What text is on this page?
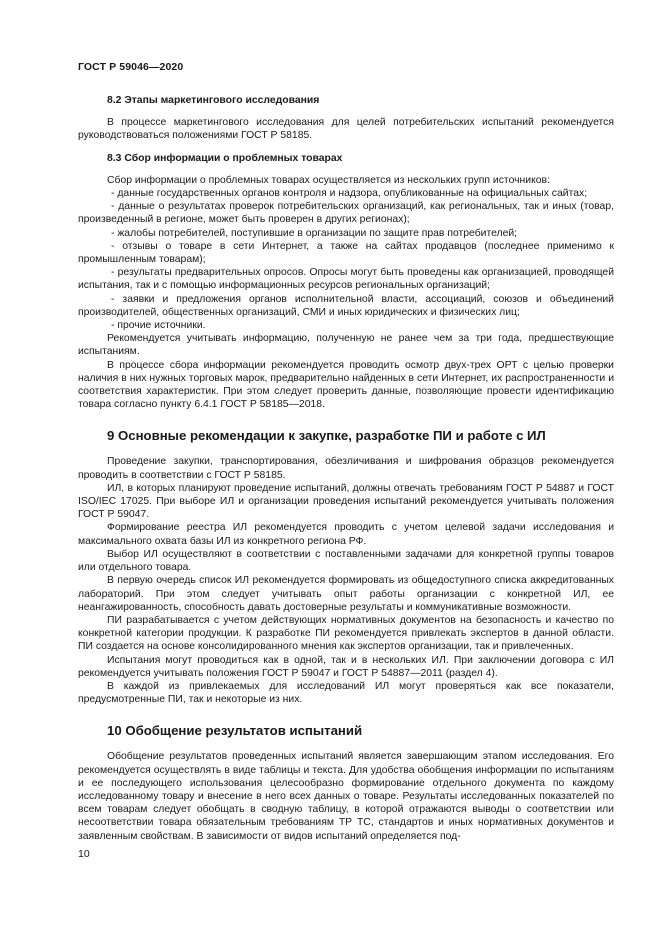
ГОСТ Р 59046—2020
8.2 Этапы маркетингового исследования
В процессе маркетингового исследования для целей потребительских испытаний рекомендуется руководствоваться положениями ГОСТ Р 58185.
8.3 Сбор информации о проблемных товарах
Сбор информации о проблемных товарах осуществляется из нескольких групп источников:
- данные государственных органов контроля и надзора, опубликованные на официальных сайтах;
- данные о результатах проверок потребительских организаций, как региональных, так и иных (товар, произведенный в регионе, может быть проверен в других регионах);
- жалобы потребителей, поступившие в организации по защите прав потребителей;
- отзывы о товаре в сети Интернет, а также на сайтах продавцов (последнее применимо к промышленным товарам);
- результаты предварительных опросов. Опросы могут быть проведены как организацией, проводящей испытания, так и с помощью информационных ресурсов региональных организаций;
- заявки и предложения органов исполнительной власти, ассоциаций, союзов и объединений производителей, общественных организаций, СМИ и иных юридических и физических лиц;
- прочие источники.
Рекомендуется учитывать информацию, полученную не ранее чем за три года, предшествующие испытаниям.
В процессе сбора информации рекомендуется проводить осмотр двух-трех ОРТ с целью проверки наличия в них нужных торговых марок, предварительно найденных в сети Интернет, их распространенности и соответствия характеристик. При этом следует проверить данные, позволяющие провести идентификацию товара согласно пункту 6.4.1 ГОСТ Р 58185—2018.
9 Основные рекомендации к закупке, разработке ПИ и работе с ИЛ
Проведение закупки, транспортирования, обезличивания и шифрования образцов рекомендуется проводить в соответствии с ГОСТ Р 58185.
ИЛ, в которых планируют проведение испытаний, должны отвечать требованиям ГОСТ Р 54887 и ГОСТ ISO/IEC 17025. При выборе ИЛ и организации проведения испытаний рекомендуется учитывать положения ГОСТ Р 59047.
Формирование реестра ИЛ рекомендуется проводить с учетом целевой задачи исследования и максимального охвата базы ИЛ из конкретного региона РФ.
Выбор ИЛ осуществляют в соответствии с поставленными задачами для конкретной группы товаров или отдельного товара.
В первую очередь список ИЛ рекомендуется формировать из общедоступного списка аккредитованных лабораторий. При этом следует учитывать опыт работы организации с конкретной ИЛ, ее неангажированность, способность давать достоверные результаты и коммуникативные возможности.
ПИ разрабатывается с учетом действующих нормативных документов на безопасность и качество по конкретной категории продукции. К разработке ПИ рекомендуется привлекать экспертов в данной области. ПИ создается на основе консолидированного мнения как экспертов организации, так и привлеченных.
Испытания могут проводиться как в одной, так и в нескольких ИЛ. При заключении договора с ИЛ рекомендуется учитывать положения ГОСТ Р 59047 и ГОСТ Р 54887—2011 (раздел 4).
В каждой из привлекаемых для исследований ИЛ могут проверяться как все показатели, предусмотренные ПИ, так и некоторые из них.
10 Обобщение результатов испытаний
Обобщение результатов проведенных испытаний является завершающим этапом исследования. Его рекомендуется осуществлять в виде таблицы и текста. Для удобства обобщения информации по испытаниям и ее последующего использования целесообразно формирование отдельного документа по каждому исследованному товару и внесение в него всех данных о товаре. Результаты исследованных показателей по всем товарам следует обобщать в сводную таблицу, в которой отражаются выводы о соответствии или несоответствии товара обязательным требованиям ТР ТС, стандартов и иных нормативных документов и заявленным свойствам. В зависимости от видов испытаний определяется под-
10
